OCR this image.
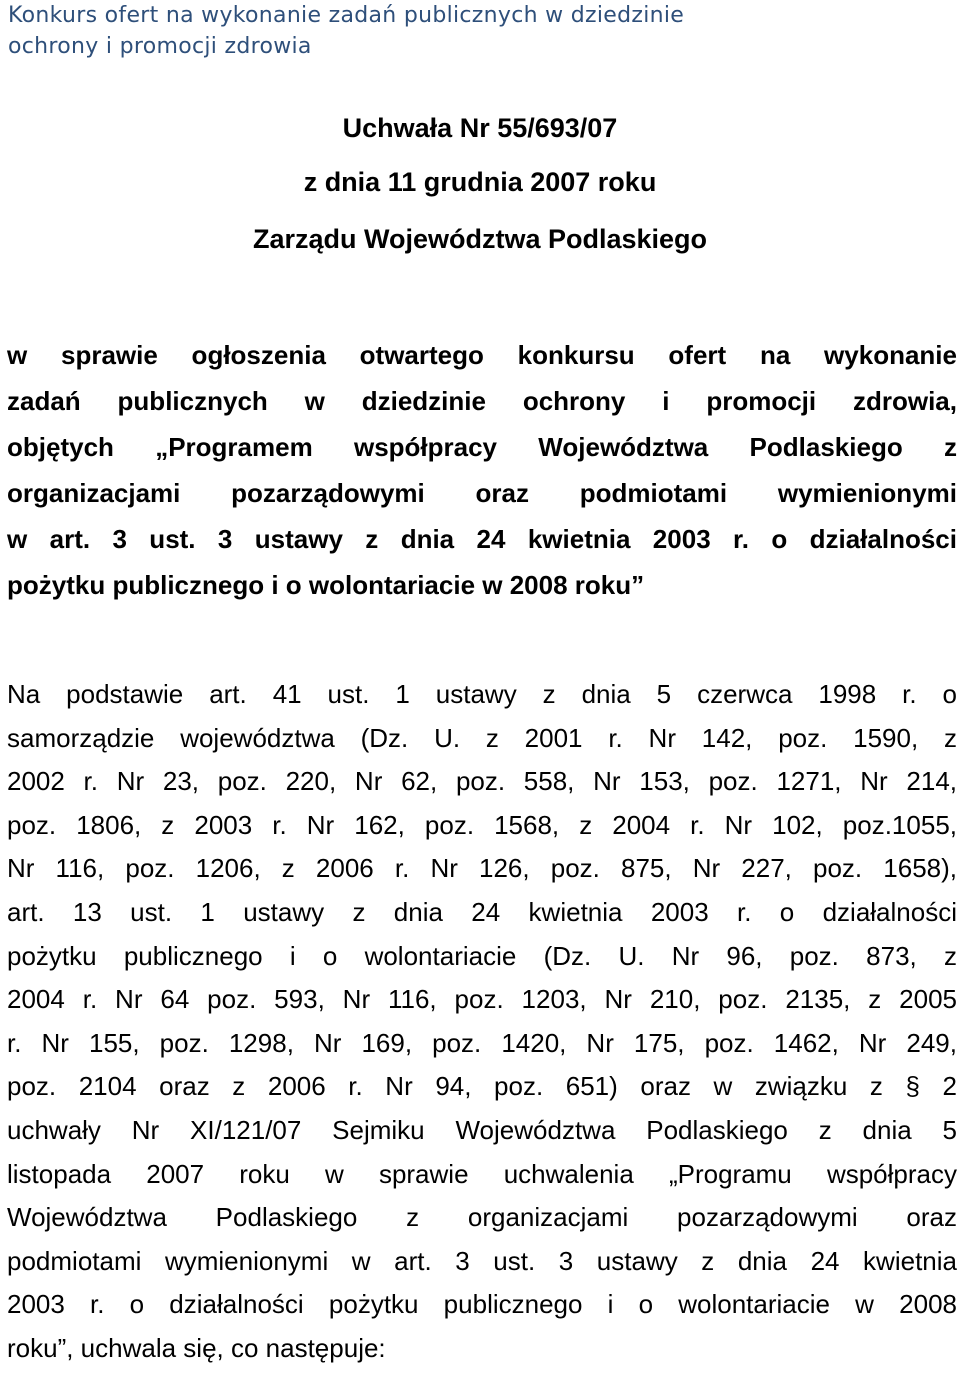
Konkurs ofert na wykonanie zadań publicznych w dziedzinie
ochrony i promocji zdrowia
Uchwała Nr 55/693/07
z dnia 11 grudnia 2007 roku
Zarządu Województwa Podlaskiego
w sprawie ogłoszenia otwartego konkursu ofert na wykonanie
zadań publicznych w dziedzinie ochrony i promocji zdrowia,
objętych „Programem współpracy Województwa Podlaskiego z
organizacjami pozarządowymi oraz podmiotami wymienionymi
w art. 3 ust. 3 ustawy z dnia 24 kwietnia 2003 r. o działalności
pożytku publicznego i o wolontariacie w 2008 roku”
Na podstawie art. 41 ust. 1 ustawy z dnia 5 czerwca 1998 r. o
samorządzie województwa (Dz. U. z 2001 r. Nr 142, poz. 1590, z
2002 r. Nr 23, poz. 220, Nr 62, poz. 558, Nr 153, poz. 1271, Nr 214,
poz. 1806, z 2003 r. Nr 162, poz. 1568, z 2004 r. Nr 102, poz.1055,
Nr 116, poz. 1206, z 2006 r. Nr 126, poz. 875, Nr 227, poz. 1658),
art. 13 ust. 1 ustawy z dnia 24 kwietnia 2003 r. o działalności
pożytku publicznego i o wolontariacie (Dz. U. Nr 96, poz. 873, z
2004 r. Nr 64 poz. 593, Nr 116, poz. 1203, Nr 210, poz. 2135, z 2005
r. Nr 155, poz. 1298, Nr 169, poz. 1420, Nr 175, poz. 1462, Nr 249,
poz. 2104 oraz z 2006 r. Nr 94, poz. 651) oraz w związku z § 2
uchwały Nr XI/121/07 Sejmiku Województwa Podlaskiego z dnia 5
listopada 2007 roku w sprawie uchwalenia „Programu współpracy
Województwa Podlaskiego z organizacjami pozarządowymi oraz
podmiotami wymienionymi w art. 3 ust. 3 ustawy z dnia 24 kwietnia
2003 r. o działalności pożytku publicznego i o wolontariacie w 2008
roku”, uchwala się, co następuje:
